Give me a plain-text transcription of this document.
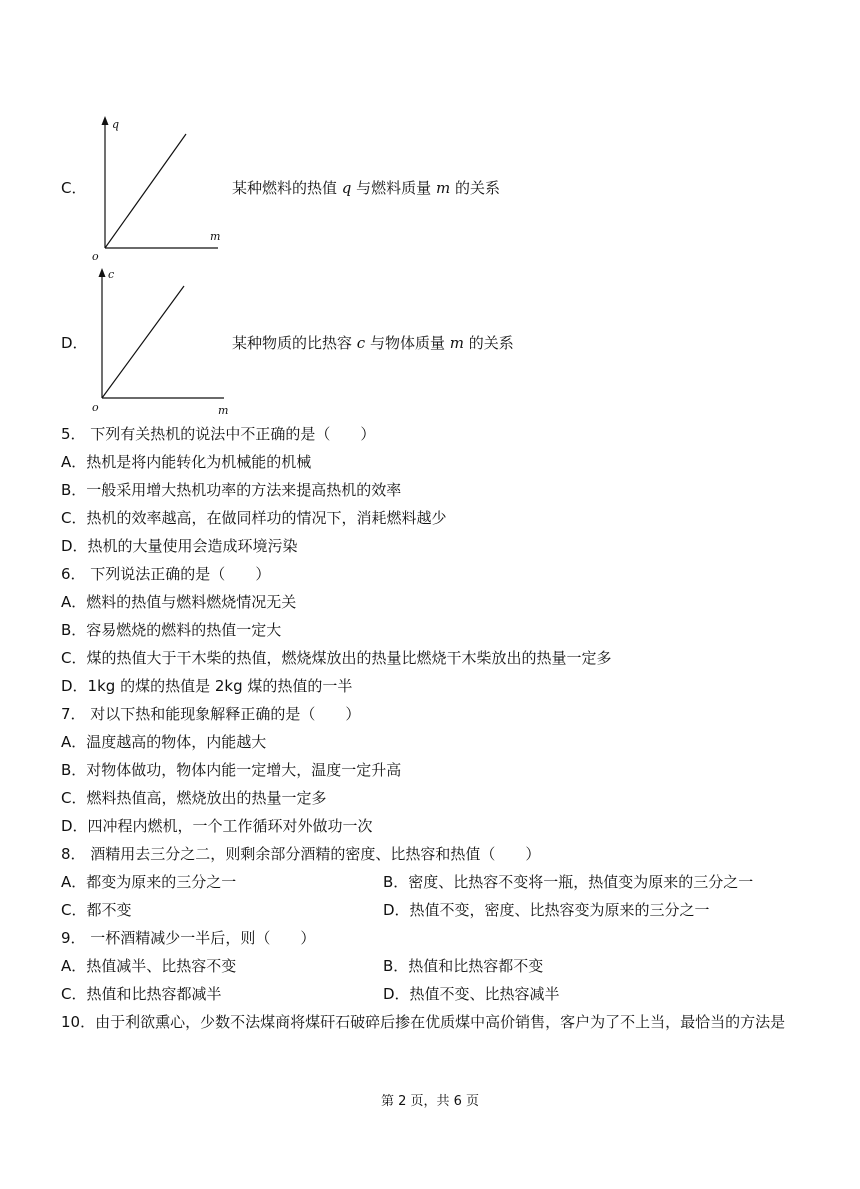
C．
q
m
o
某种燃料的热值 q 与燃料质量 m 的关系
D．
c
m
o
某种物质的比热容 c 与物体质量 m 的关系
5． 下列有关热机的说法中不正确的是（　　）
A．热机是将内能转化为机械能的机械
B．一般采用增大热机功率的方法来提高热机的效率
C．热机的效率越高，在做同样功的情况下，消耗燃料越少
D．热机的大量使用会造成环境污染
6． 下列说法正确的是（　　）
A．燃料的热值与燃料燃烧情况无关
B．容易燃烧的燃料的热值一定大
C．煤的热值大于干木柴的热值，燃烧煤放出的热量比燃烧干木柴放出的热量一定多
D．1kg 的煤的热值是 2kg 煤的热值的一半
7． 对以下热和能现象解释正确的是（　　）
A．温度越高的物体，内能越大
B．对物体做功，物体内能一定增大，温度一定升高
C．燃料热值高，燃烧放出的热量一定多
D．四冲程内燃机，一个工作循环对外做功一次
8． 酒精用去三分之二，则剩余部分酒精的密度、比热容和热值（　　）
A．都变为原来的三分之一	B．密度、比热容不变将一瓶，热值变为原来的三分之一
C．都不变	D．热值不变，密度、比热容变为原来的三分之一
9． 一杯酒精减少一半后，则（　　）
A．热值减半、比热容不变	B．热值和比热容都不变
C．热值和比热容都减半	D．热值不变、比热容减半
10．由于利欲熏心，少数不法煤商将煤矸石破碎后掺在优质煤中高价销售，客户为了不上当，最恰当的方法是
第 2 页，共 6 页
